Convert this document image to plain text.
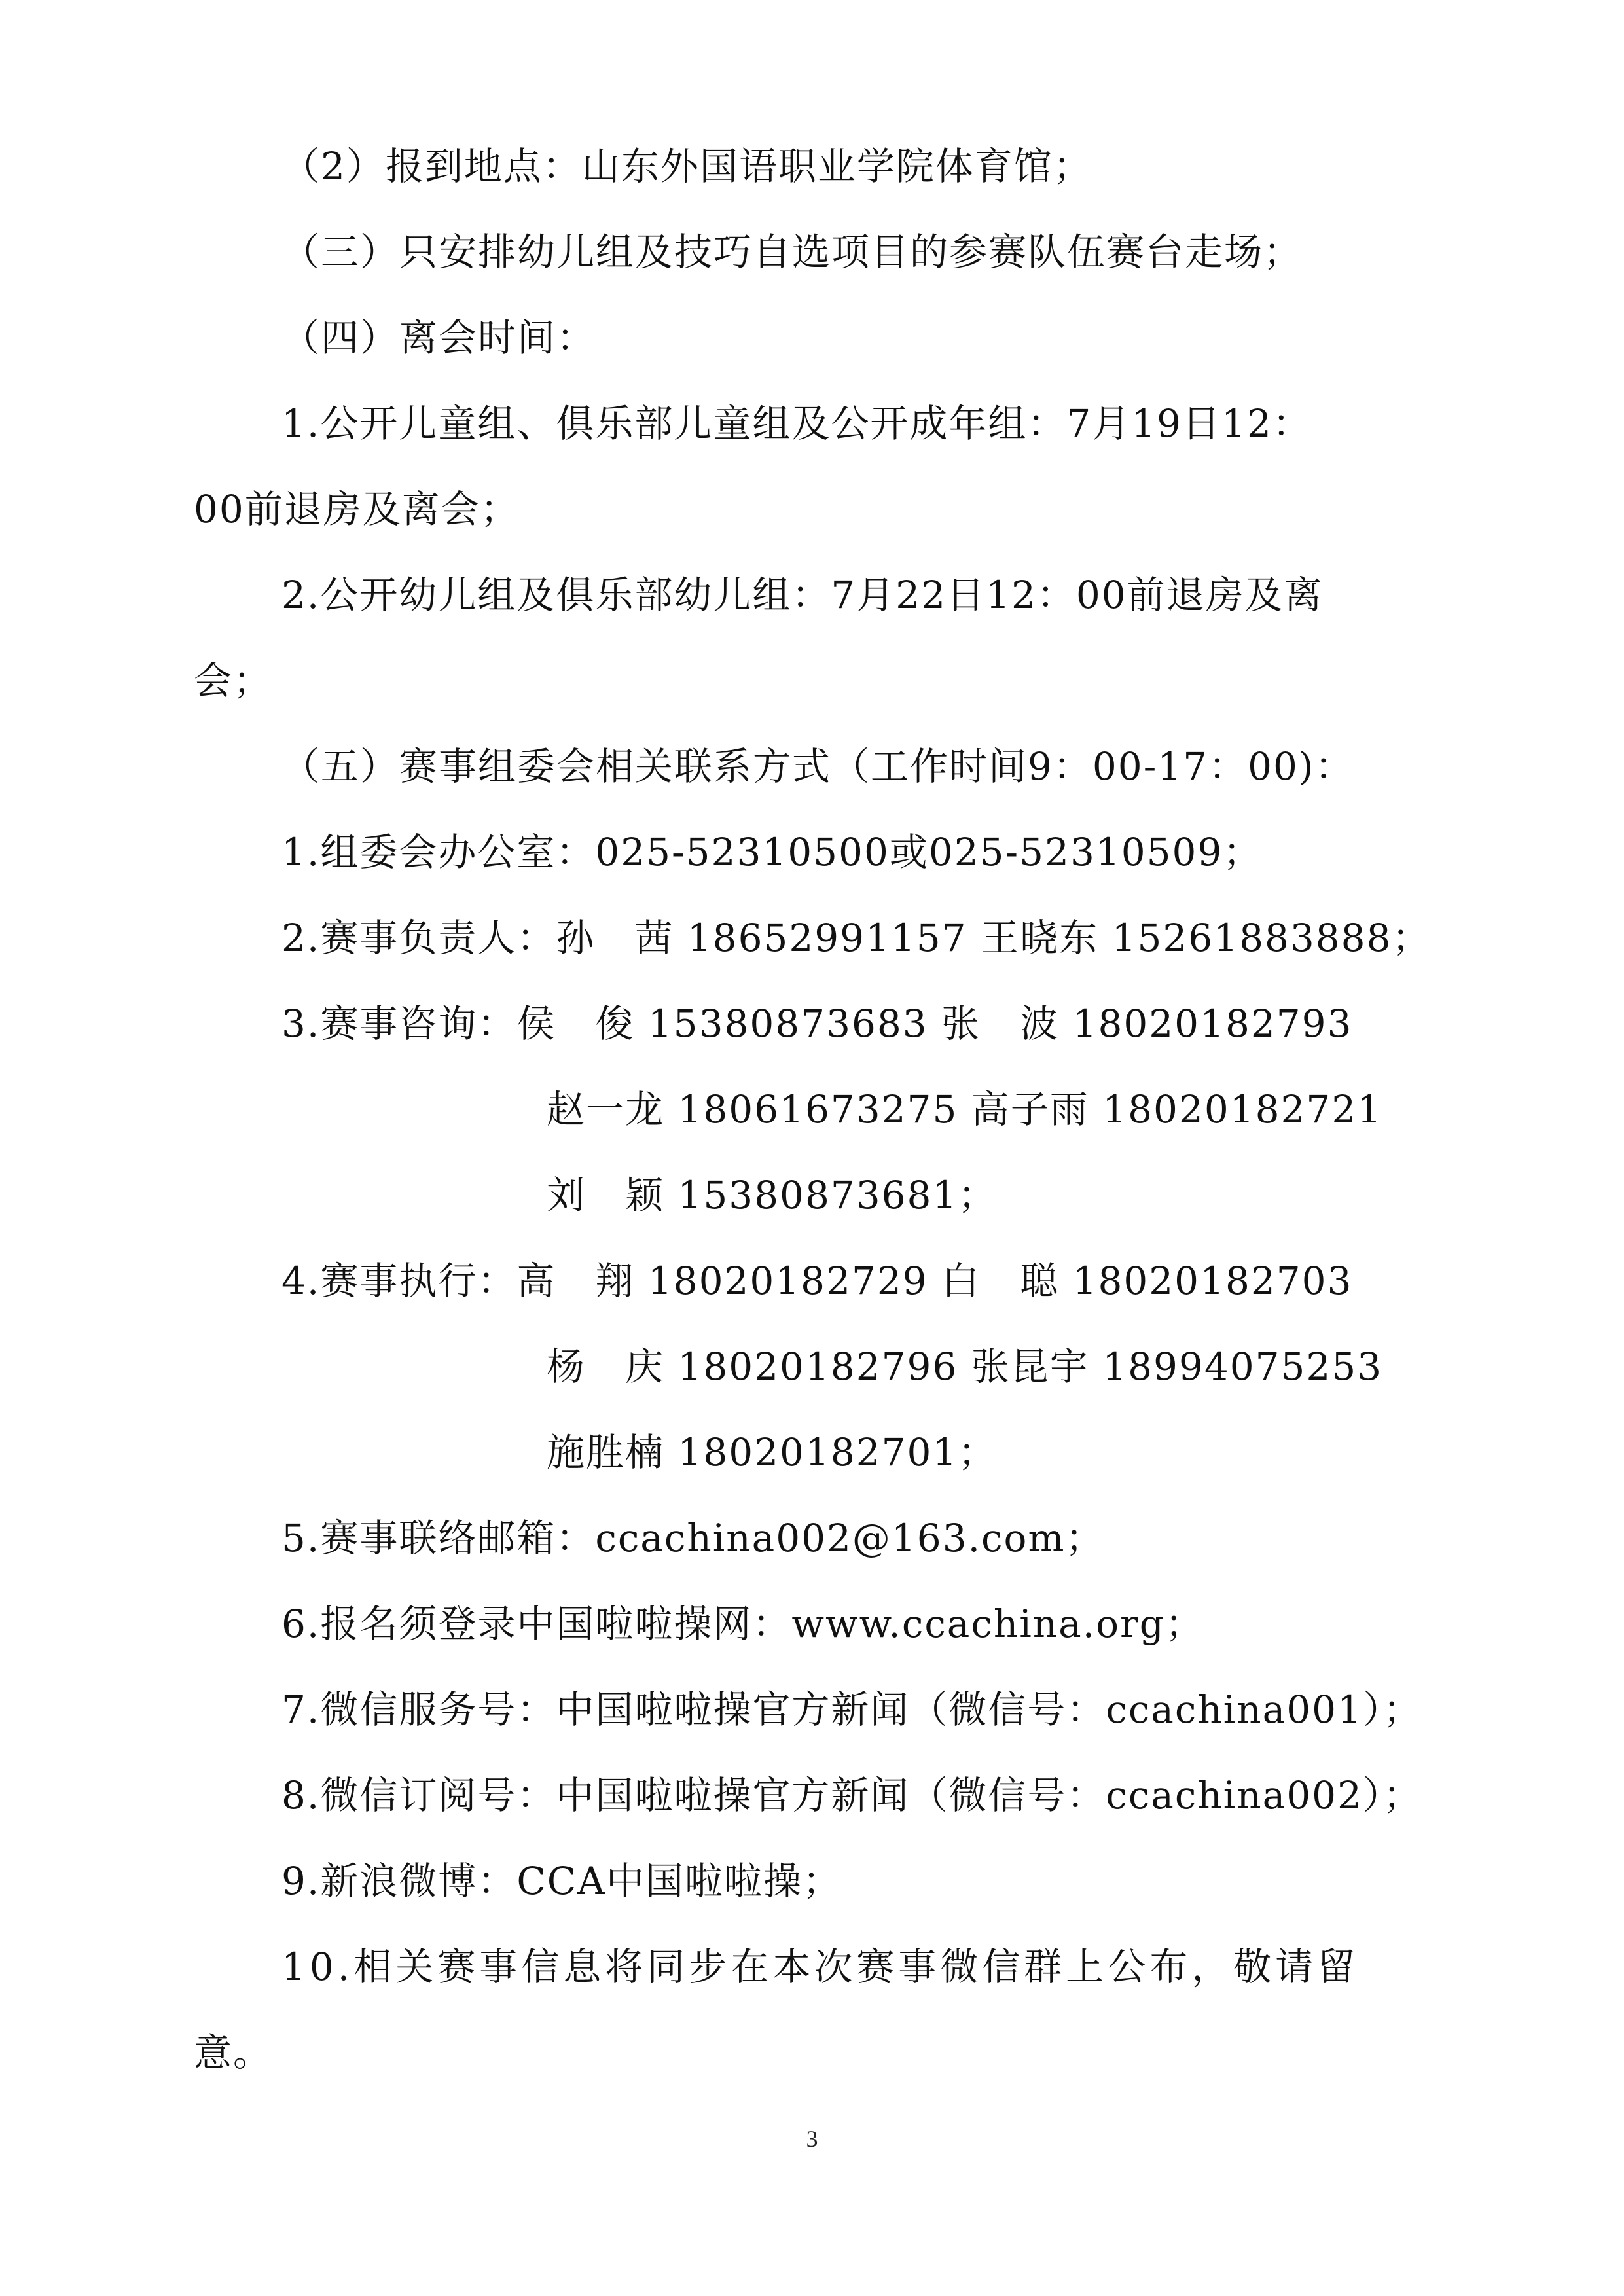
（2）报到地点：山东外国语职业学院体育馆；
（三）只安排幼儿组及技巧自选项目的参赛队伍赛台走场；
（四）离会时间：
1.公开儿童组、俱乐部儿童组及公开成年组：7月19日12：
00前退房及离会；
2.公开幼儿组及俱乐部幼儿组：7月22日12：00前退房及离
会；
（五）赛事组委会相关联系方式（工作时间9：00-17：00)：
1.组委会办公室：025-52310500或025-52310509；
2.赛事负责人：孙　茜 18652991157 王晓东 15261883888；
3.赛事咨询：侯　俊 15380873683 张　波 18020182793
赵一龙 18061673275 高子雨 18020182721
刘　颖 15380873681；
4.赛事执行：高　翔 18020182729 白　聪 18020182703
杨　庆 18020182796 张昆宇 18994075253
施胜楠 18020182701；
5.赛事联络邮箱：ccachina002@163.com；
6.报名须登录中国啦啦操网：www.ccachina.org；
7.微信服务号：中国啦啦操官方新闻（微信号：ccachina001）；
8.微信订阅号：中国啦啦操官方新闻（微信号：ccachina002）；
9.新浪微博：CCA中国啦啦操；
10.相关赛事信息将同步在本次赛事微信群上公布，敬请留
意。
3
